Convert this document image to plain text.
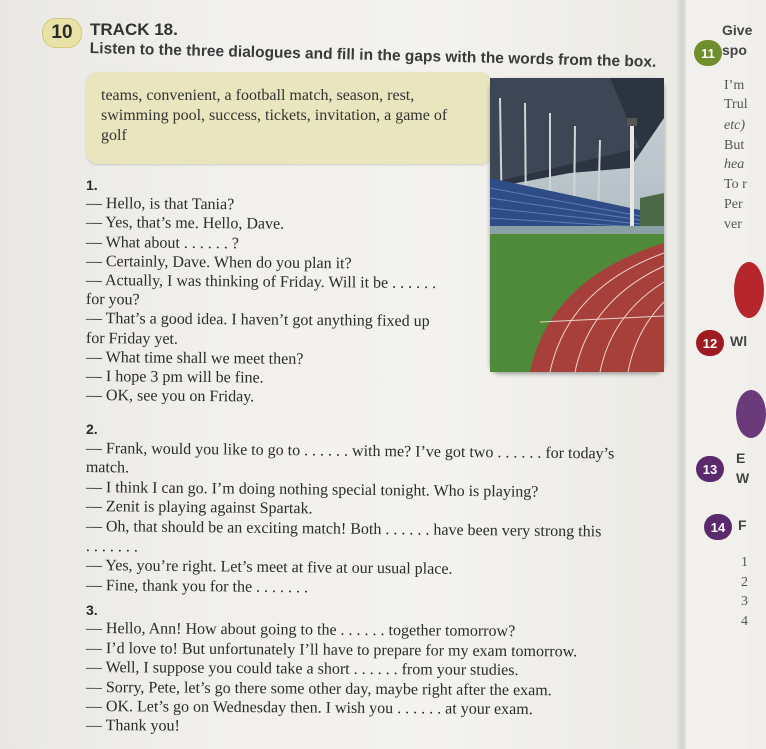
10 TRACK 18.
Listen to the three dialogues and fill in the gaps with the words from the box.

teams, convenient, a football match, season, rest, swimming pool, success, tickets, invitation, a game of golf

1.
— Hello, is that Tania?
— Yes, that’s me. Hello, Dave.
— What about . . . . . . ?
— Certainly, Dave. When do you plan it?
— Actually, I was thinking of Friday. Will it be . . . . . .
for you?
— That’s a good idea. I haven’t got anything fixed up
for Friday yet.
— What time shall we meet then?
— I hope 3 pm will be fine.
— OK, see you on Friday.
2.
— Frank, would you like to go to . . . . . . with me? I’ve got two . . . . . . for today’s
match.
— I think I can go. I’m doing nothing special tonight. Who is playing?
— Zenit is playing against Spartak.
— Oh, that should be an exciting match! Both . . . . . . have been very strong this
. . . . . . .
— Yes, you’re right. Let’s meet at five at our usual place.
— Fine, thank you for the . . . . . . .
3.
— Hello, Ann! How about going to the . . . . . . together tomorrow?
— I’d love to! But unfortunately I’ll have to prepare for my exam tomorrow.
— Well, I suppose you could take a short . . . . . . from your studies.
— Sorry, Pete, let’s go there some other day, maybe right after the exam.
— OK. Let’s go on Wednesday then. I wish you . . . . . . at your exam.
— Thank you!
11
Give
spo
I’m
Trul
etc)
But
hea
To r
Per
ver
12 Wl
13
E
W
14 F
1
2
3
4
